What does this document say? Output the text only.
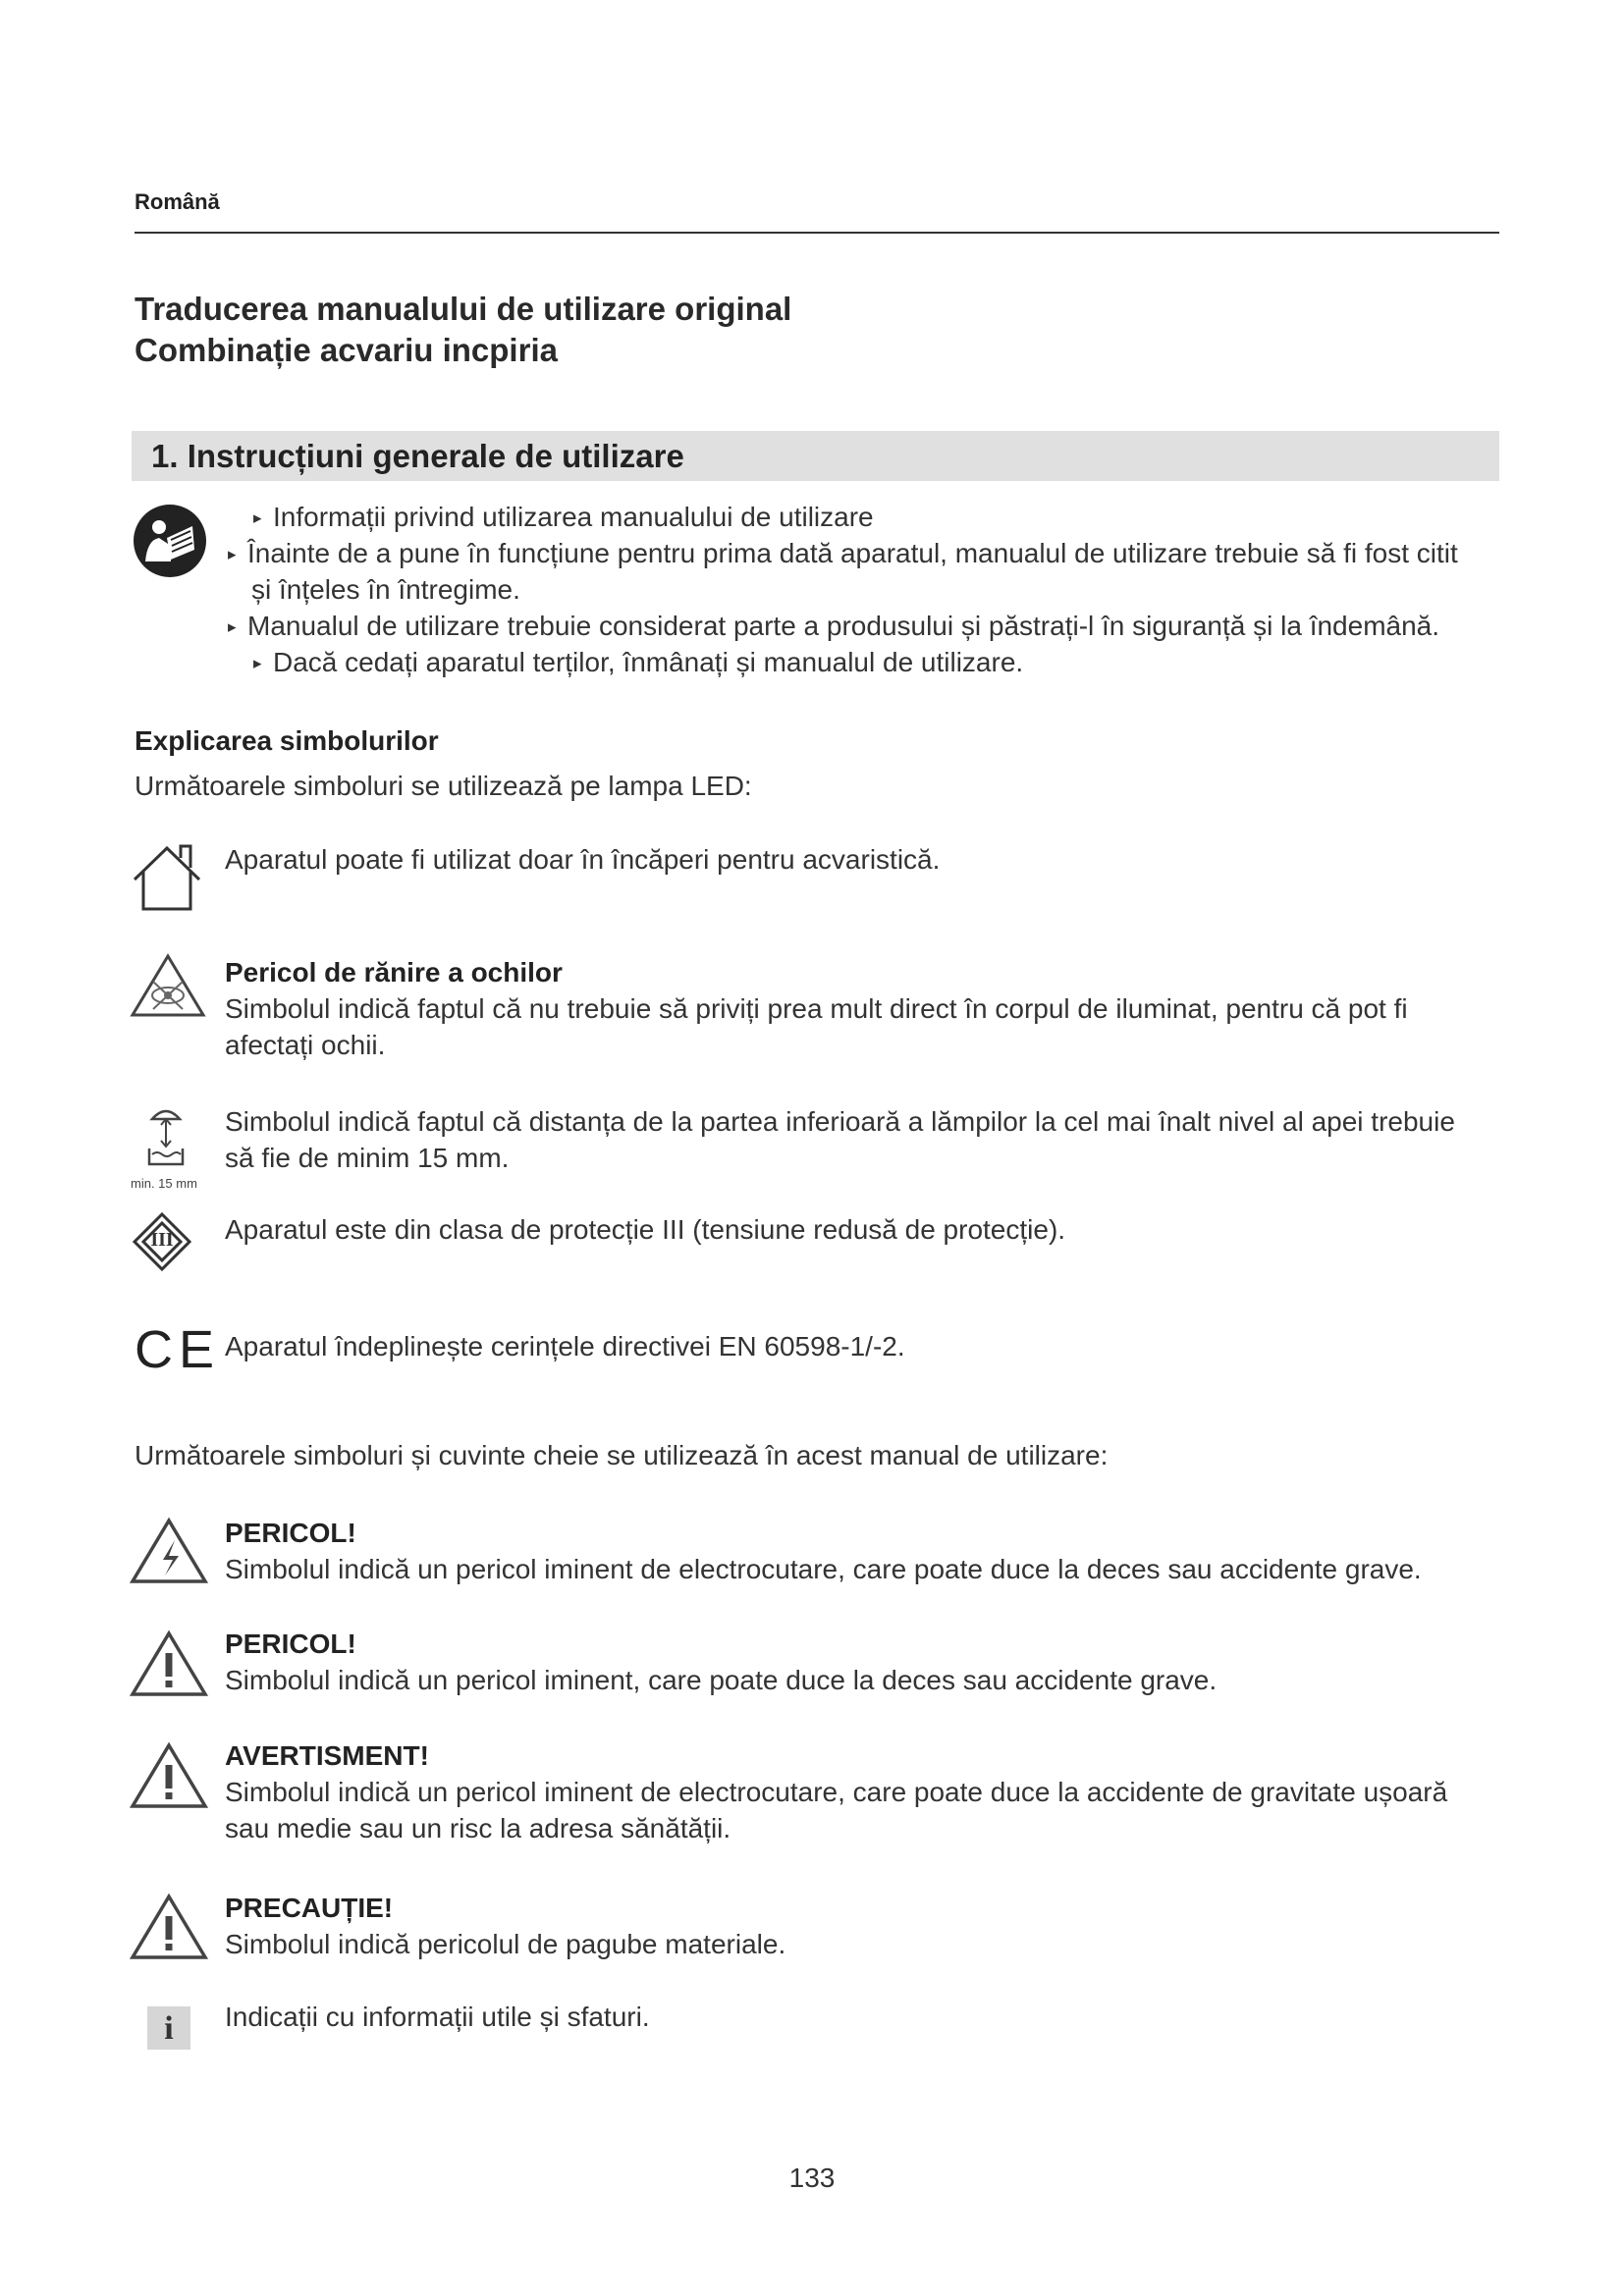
Română
Traducerea manualului de utilizare original
Combinație acvariu incpiria
1. Instrucțiuni generale de utilizare
▸ Informații privind utilizarea manualului de utilizare
▸ Înainte de a pune în funcțiune pentru prima dată aparatul, manualul de utilizare trebuie să fi fost citit
și înțeles în întregime.
▸ Manualul de utilizare trebuie considerat parte a produsului și păstrați-l în siguranță și la îndemână.
▸ Dacă cedați aparatul terților, înmânați și manualul de utilizare.
Explicarea simbolurilor
Următoarele simboluri se utilizează pe lampa LED:
Aparatul poate fi utilizat doar în încăperi pentru acvaristică.
Pericol de rănire a ochilor
Simbolul indică faptul că nu trebuie să priviți prea mult direct în corpul de iluminat, pentru că pot fi
afectați ochii.
min. 15 mm
Simbolul indică faptul că distanța de la partea inferioară a lămpilor la cel mai înalt nivel al apei trebuie
să fie de minim 15 mm.
III	Aparatul este din clasa de protecție III (tensiune redusă de protecție).
CE Aparatul îndeplinește cerințele directivei EN 60598-1/-2.
Următoarele simboluri și cuvinte cheie se utilizează în acest manual de utilizare:
PERICOL!
Simbolul indică un pericol iminent de electrocutare, care poate duce la deces sau accidente grave.
PERICOL!
Simbolul indică un pericol iminent, care poate duce la deces sau accidente grave.
AVERTISMENT!
Simbolul indică un pericol iminent de electrocutare, care poate duce la accidente de gravitate ușoară
sau medie sau un risc la adresa sănătății.
PRECAUȚIE!
Simbolul indică pericolul de pagube materiale.
i	Indicații cu informații utile și sfaturi.
133
